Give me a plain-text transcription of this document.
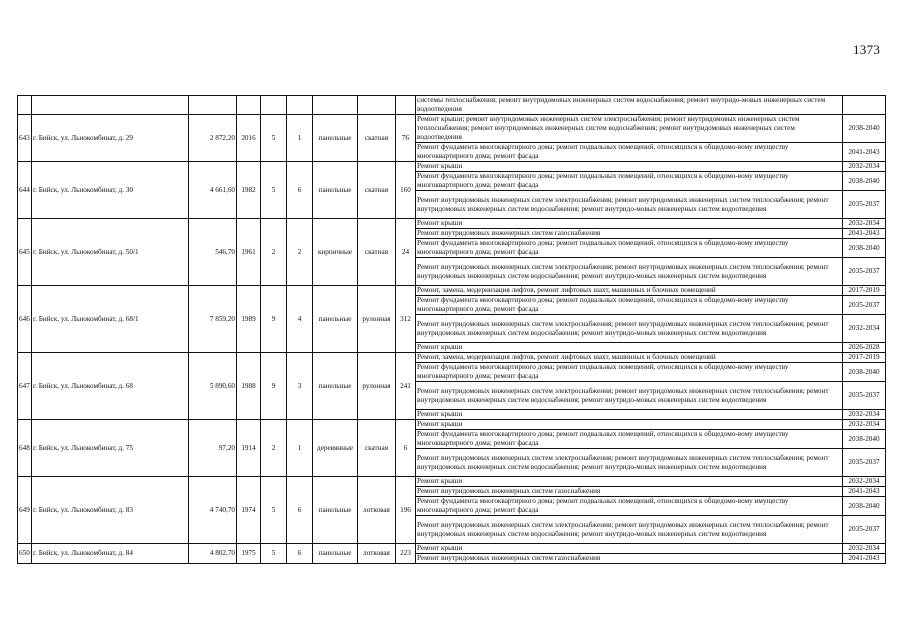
1373
									системы теплоснабжения; ремонт внутридомовых инженерных систем водоснабжения; ремонт внутридо-мовых инженерных систем водоотведения	
643	г. Бийск, ул. Льнокомбинат, д. 29	2 872,20	2016	5	1	панельные	скатная	76	Ремонт крыши; ремонт внутридомовых инженерных систем электроснабжения; ремонт внутридомовых инженерных систем теплоснабжения; ремонт внутридомовых инженерных систем водоснабжения; ремонт внутридомовых инженерных систем водоотведения	2038-2040
									Ремонт фундамента многоквартирного дома; ремонт подвальных помещений, относящихся к общедомо-вому имуществу многоквартирного дома; ремонт фасада	2041-2043
644	г. Бийск, ул. Льнокомбинат, д. 30	4 661,60	1982	5	6	панельные	скатная	160	Ремонт крыши	2032-2034
									Ремонт фундамента многоквартирного дома; ремонт подвальных помещений, относящихся к общедомо-вому имуществу многоквартирного дома; ремонт фасада	2038-2040
									Ремонт внутридомовых инженерных систем электроснабжения; ремонт внутридомовых инженерных систем теплоснабжения; ремонт внутридомовых инженерных систем водоснабжения; ремонт внутридо-мовых инженерных систем водоотведения	2035-2037
645	г. Бийск, ул. Льнокомбинат, д. 50/1	546,70	1961	2	2	кирпичные	скатная	24	Ремонт крыши	2032-2034
									Ремонт внутридомовых инженерных систем газоснабжения	2041-2043
									Ремонт фундамента многоквартирного дома; ремонт подвальных помещений, относящихся к общедомо-вому имуществу многоквартирного дома; ремонт фасада	2038-2040
									Ремонт внутридомовых инженерных систем электроснабжения; ремонт внутридомовых инженерных систем теплоснабжения; ремонт внутридомовых инженерных систем водоснабжения; ремонт внутридо-мовых инженерных систем водоотведения	2035-2037
646	г. Бийск, ул. Льнокомбинат, д. 68/1	7 859,20	1989	9	4	панельные	рулонная	312	Ремонт, замена, модернизация лифтов, ремонт лифтовых шахт, машинных и блочных помещений	2017-2019
									Ремонт фундамента многоквартирного дома; ремонт подвальных помещений, относящихся к общедомо-вому имуществу многоквартирного дома; ремонт фасада	2035-2037
									Ремонт внутридомовых инженерных систем электроснабжения; ремонт внутридомовых инженерных систем теплоснабжения; ремонт внутридомовых инженерных систем водоснабжения; ремонт внутридо-мовых инженерных систем водоотведения	2032-2034
									Ремонт крыши	2026-2028
647	г. Бийск, ул. Льнокомбинат, д. 68	5 890,60	1988	9	3	панельные	рулонная	241	Ремонт, замена, модернизация лифтов, ремонт лифтовых шахт, машинных и блочных помещений	2017-2019
									Ремонт фундамента многоквартирного дома; ремонт подвальных помещений, относящихся к общедомо-вому имуществу многоквартирного дома; ремонт фасада	2038-2040
									Ремонт внутридомовых инженерных систем электроснабжения; ремонт внутридомовых инженерных систем теплоснабжения; ремонт внутридомовых инженерных систем водоснабжения; ремонт внутридо-мовых инженерных систем водоотведения	2035-2037
									Ремонт крыши	2032-2034
648	г. Бийск, ул. Льнокомбинат, д. 75	97,20	1914	2	1	деревянные	скатная	6	Ремонт крыши	2032-2034
									Ремонт фундамента многоквартирного дома; ремонт подвальных помещений, относящихся к общедомо-вому имуществу многоквартирного дома; ремонт фасада	2038-2040
									Ремонт внутридомовых инженерных систем электроснабжения; ремонт внутридомовых инженерных систем теплоснабжения; ремонт внутридомовых инженерных систем водоснабжения; ремонт внутридо-мовых инженерных систем водоотведения	2035-2037
649	г. Бийск, ул. Льнокомбинат, д. 83	4 740,70	1974	5	6	панельные	лотковая	196	Ремонт крыши	2032-2034
									Ремонт внутридомовых инженерных систем газоснабжения	2041-2043
									Ремонт фундамента многоквартирного дома; ремонт подвальных помещений, относящихся к общедомо-вому имуществу многоквартирного дома; ремонт фасада	2038-2040
									Ремонт внутридомовых инженерных систем электроснабжения; ремонт внутридомовых инженерных систем теплоснабжения; ремонт внутридомовых инженерных систем водоснабжения; ремонт внутридо-мовых инженерных систем водоотведения	2035-2037
650	г. Бийск, ул. Льнокомбинат, д. 84	4 802,70	1975	5	6	панельные	лотковая	223	Ремонт крыши	2032-2034
									Ремонт внутридомовых инженерных систем газоснабжения	2041-2043
